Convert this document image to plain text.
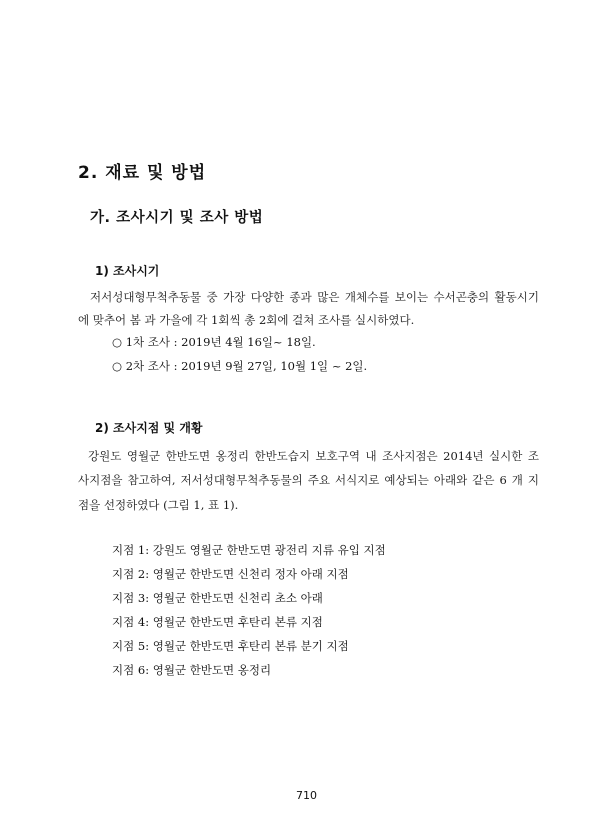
2. 재료 및 방법
가. 조사시기 및 조사 방법
1) 조사시기
저서성대형무척추동물 중 가장 다양한 종과 많은 개체수를 보이는 수서곤충의 활동시기
에 맞추어 봄 과 가을에 각 1회씩 총 2회에 걸쳐 조사를 실시하였다.
○ 1차 조사 : 2019년 4월 16일~ 18일.
○ 2차 조사 : 2019년 9월 27일, 10월 1일 ~ 2일.
2) 조사지점 및 개황
강원도 영월군 한반도면 옹정리 한반도습지 보호구역 내 조사지점은 2014년 실시한 조
사지점을 참고하여, 저서성대형무척추동물의 주요 서식지로 예상되는 아래와 같은 6 개 지
점을 선정하였다 (그림 1, 표 1).
지점 1: 강원도 영월군 한반도면 광전리 지류 유입 지점
지점 2: 영월군 한반도면 신천리 정자 아래 지점
지점 3: 영월군 한반도면 신천리 초소 아래
지점 4: 영월군 한반도면 후탄리 본류 지점
지점 5: 영월군 한반도면 후탄리 본류 분기 지점
지점 6: 영월군 한반도면 옹정리
710
